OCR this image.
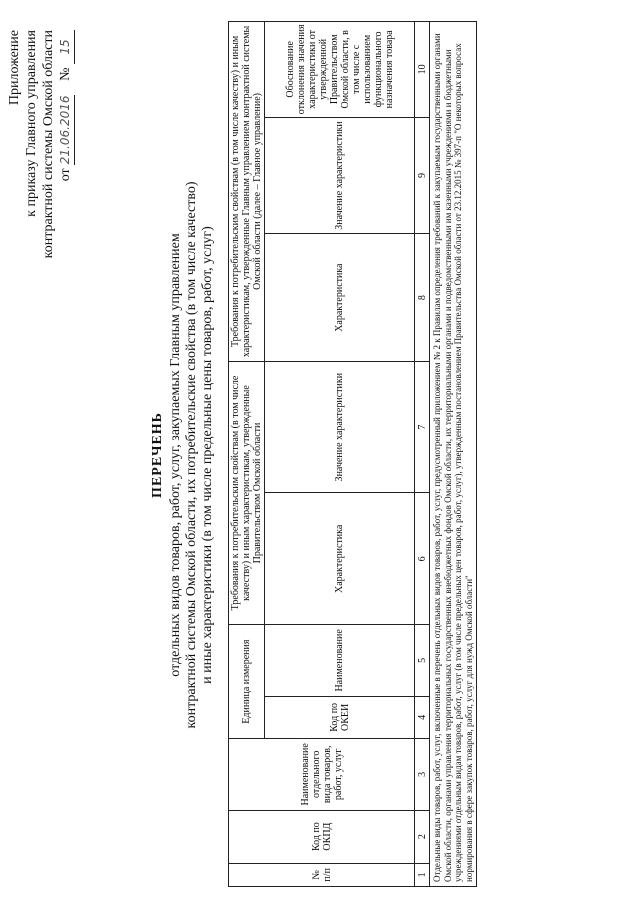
Приложение к приказу Главного управления контрактной системы Омской области от 21.06.2016    № 15
ПЕРЕЧЕНЬ отдельных видов товаров, работ, услуг, закупаемых Главным управлением контрактной системы Омской области, их потребительские свойства (в том числе качество) и иные характеристики (в том числе предельные цены товаров, работ, услуг)
№ п/п	Код по ОКПД	Наименование отдельного вида товаров, работ, услуг	Единица измерения		Требования к потребительским свойствам (в том числе качеству) и иным характеристикам, утвержденные Правительством Омской области		Требования к потребительским свойствам (в том числе качеству) и иным характеристикам, утвержденные Главным управлением контрактной системы Омской области (далее – Главное управление)		
			Код по ОКЕИ	Наименование	Характеристика	Значение характеристики	Характеристика	Значение характеристики	Обоснование отклонения значения характеристики от утвержденной Правительством Омской области, в том числе с использованием функционального назначения товара
1	2	3	4	5	6	7	8	9	10
Отдельные виды товаров, работ, услуг, включенные в перечень отдельных видов товаров, работ, услуг, предусмотренный приложением № 2 к Правилам определения требований к закупаемым государственными органами Омской области, органами управления территориальных государственных внебюджетных фондов Омской области, их территориальными органами и подведомственными им казенными учреждениями и бюджетными учреждениями отдельным видам товаров, работ, услуг (в том числе предельных цен товаров, работ, услуг), утвержденным постановлением Правительства Омской области от 23.12.2015 № 397-п "О некоторых вопросах нормирования в сфере закупок товаров, работ, услуг для нужд Омской области"									
